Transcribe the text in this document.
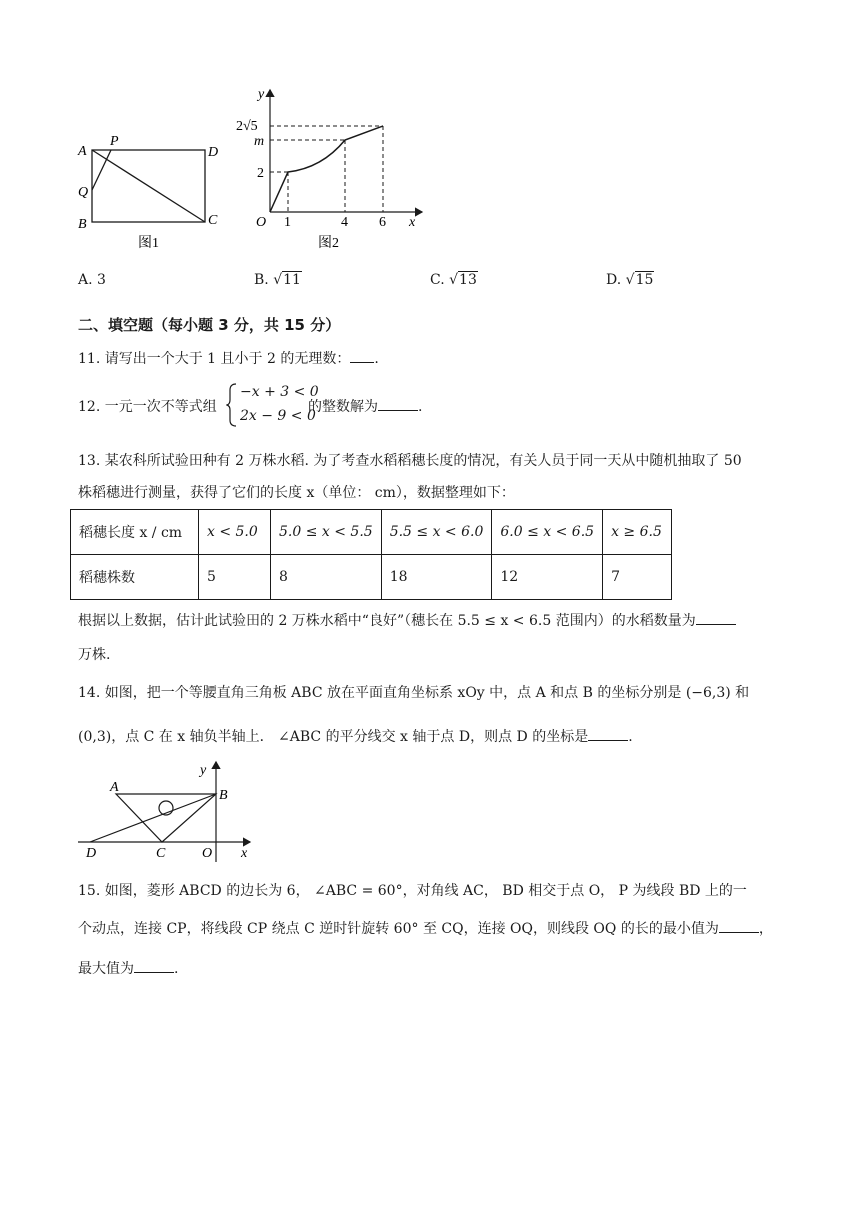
A
P
D
Q
B	C
图1
y
x
O
2√5
m
2
1	4 6
图2
A. 3	B. √11	C. √13	D. √15
二、填空题（每小题 3 分，共 15 分）
11. 请写出一个大于 1 且小于 2 的无理数： .
12. 一元一次不等式组
−x + 3 < 0
2x − 9 < 0
的整数解为	.
13. 某农科所试验田种有 2 万株水稻. 为了考查水稻稻穗长度的情况，有关人员于同一天从中随机抽取了 50
株稻穗进行测量，获得了它们的长度 x（单位： cm），数据整理如下：
稻穗长度 x / cm	x < 5.0	5.0 ≤ x < 5.5	5.5 ≤ x < 6.0	6.0 ≤ x < 6.5	x ≥ 6.5
稻穗株数	5	8	18	12	7
根据以上数据，估计此试验田的 2 万株水稻中“良好”（穗长在 5.5 ≤ x < 6.5 范围内）的水稻数量为
万株.
14. 如图，把一个等腰直角三角板 ABC 放在平面直角坐标系 xOy 中，点 A 和点 B 的坐标分别是 (−6,3) 和
(0,3)，点 C 在 x 轴负半轴上． ∠ABC 的平分线交 x 轴于点 D，则点 D 的坐标是	.
y
A
B
D	C	O x
15. 如图，菱形 ABCD 的边长为 6， ∠ABC = 60°，对角线 AC， BD 相交于点 O， P 为线段 BD 上的一
个动点，连接 CP，将线段 CP 绕点 C 逆时针旋转 60° 至 CQ，连接 OQ，则线段 OQ 的长的最小值为	，
最大值为	.
